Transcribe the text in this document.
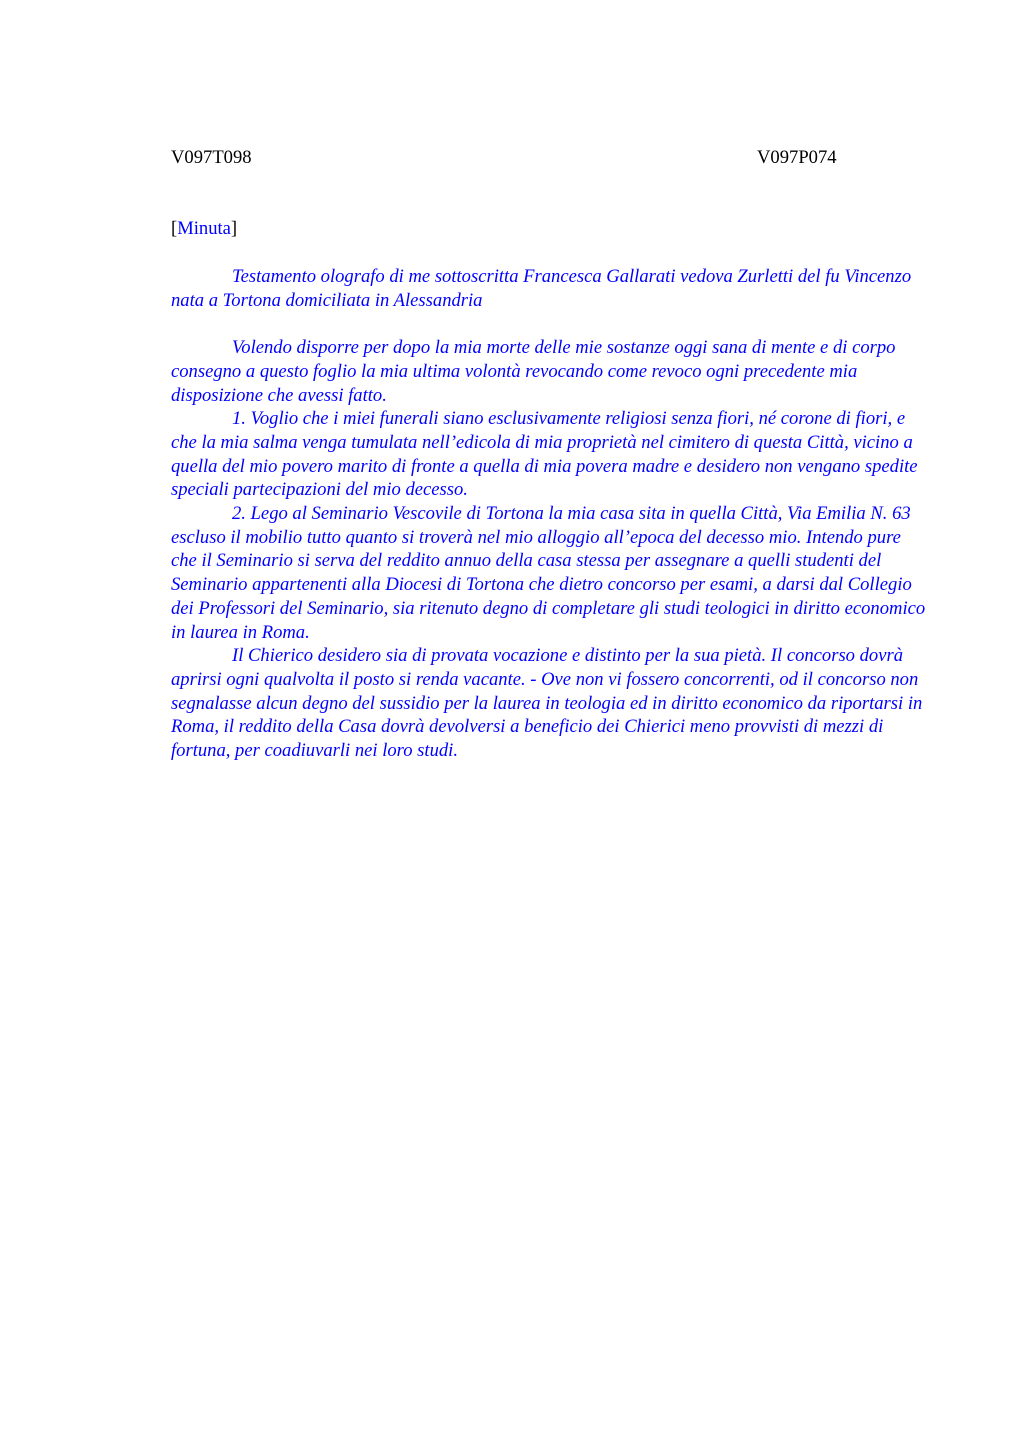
V097T098	V097P074
[Minuta]

Testamento olografo di me sottoscritta Francesca Gallarati vedova Zurletti del fu Vincenzo nata a Tortona domiciliata in Alessandria

Volendo disporre per dopo la mia morte delle mie sostanze oggi sana di mente e di corpo consegno a questo foglio la mia ultima volontà revocando come revoco ogni precedente mia disposizione che avessi fatto.

1. Voglio che i miei funerali siano esclusivamente religiosi senza fiori, né corone di fiori, e che la mia salma venga tumulata nell’edicola di mia proprietà nel cimitero di questa Città, vicino a quella del mio povero marito di fronte a quella di mia povera madre e desidero non vengano spedite speciali partecipazioni del mio decesso.

2. Lego al Seminario Vescovile di Tortona la mia casa sita in quella Città, Via Emilia N. 63 escluso il mobilio tutto quanto si troverà nel mio alloggio all’epoca del decesso mio. Intendo pure che il Seminario si serva del reddito annuo della casa stessa per assegnare a quelli studenti del Seminario appartenenti alla Diocesi di Tortona che dietro concorso per esami, a darsi dal Collegio dei Professori del Seminario, sia ritenuto degno di completare gli studi teologici in diritto economico in laurea in Roma.

Il Chierico desidero sia di provata vocazione e distinto per la sua pietà. Il concorso dovrà aprirsi ogni qualvolta il posto si renda vacante. - Ove non vi fossero concorrenti, od il concorso non segnalasse alcun degno del sussidio per la laurea in teologia ed in diritto economico da riportarsi in Roma, il reddito della Casa dovrà devolversi a beneficio dei Chierici meno provvisti di mezzi di fortuna, per coadiuvarli nei loro studi.
